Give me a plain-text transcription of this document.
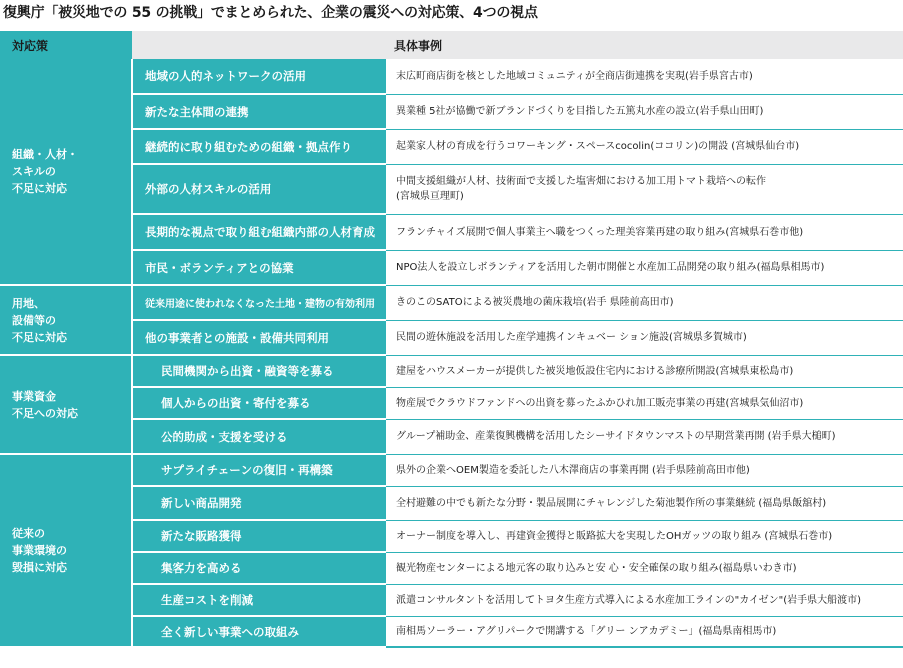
復興庁「被災地での 55 の挑戦」でまとめられた、企業の震災への対応策、4つの視点
対応策		具体事例
組織・人材・
スキルの
不足に対応	地域の人的ネットワークの活用	末広町商店街を核とした地域コミュニティが全商店街連携を実現(岩手県宮古市)
	新たな主体間の連携	異業種 5社が協働で新ブランドづくりを目指した五篤丸水産の設立(岩手県山田町)
	継続的に取り組むための組織・拠点作り	起業家人材の育成を行うコワーキング・スペースcocolin(ココリン)の開設 (宮城県仙台市)
	外部の人材スキルの活用	中間支援組織が人材、技術面で支援した塩害畑における加工用トマト栽培への転作
(宮城県亘理町)
	長期的な視点で取り組む組織内部の人材育成	フランチャイズ展開で個人事業主へ職をつくった理美容業再建の取り組み(宮城県石巻市他)
	市民・ボランティアとの協業	NPO法人を設立しボランティアを活用した朝市開催と水産加工品開発の取り組み(福島県相馬市)
用地、
設備等の
不足に対応	従来用途に使われなくなった土地・建物の有効利用	きのこのSATOによる被災農地の菌床栽培(岩手 県陸前高田市)
	他の事業者との施設・設備共同利用	民間の遊休施設を活用した産学連携インキュベー ション施設(宮城県多賀城市)
事業資金
不足への対応	民間機関から出資・融資等を募る	建屋をハウスメーカーが提供した被災地仮設住宅内における診療所開設(宮城県東松島市)
	個人からの出資・寄付を募る	物産展でクラウドファンドへの出資を募ったふかひれ加工販売事業の再建(宮城県気仙沼市)
	公的助成・支援を受ける	グループ補助金、産業復興機構を活用したシーサイドタウンマストの早期営業再開 (岩手県大槌町)
従来の
事業環境の
毀損に対応	サプライチェーンの復旧・再構築	県外の企業へOEM製造を委託した八木澤商店の事業再開 (岩手県陸前高田市他)
	新しい商品開発	全村避難の中でも新たな分野・製品展開にチャレンジした菊池製作所の事業継続 (福島県飯舘村)
	新たな販路獲得	オーナー制度を導入し、再建資金獲得と販路拡大を実現したOHガッツの取り組み (宮城県石巻市)
	集客力を高める	観光物産センターによる地元客の取り込みと安 心・安全確保の取り組み(福島県いわき市)
	生産コストを削減	派遣コンサルタントを活用してトヨタ生産方式導入による水産加工ラインの"カイゼン"(岩手県大船渡市)
	全く新しい事業への取組み	南相馬ソーラー・アグリパークで開講する「グリー ンアカデミー」(福島県南相馬市)
